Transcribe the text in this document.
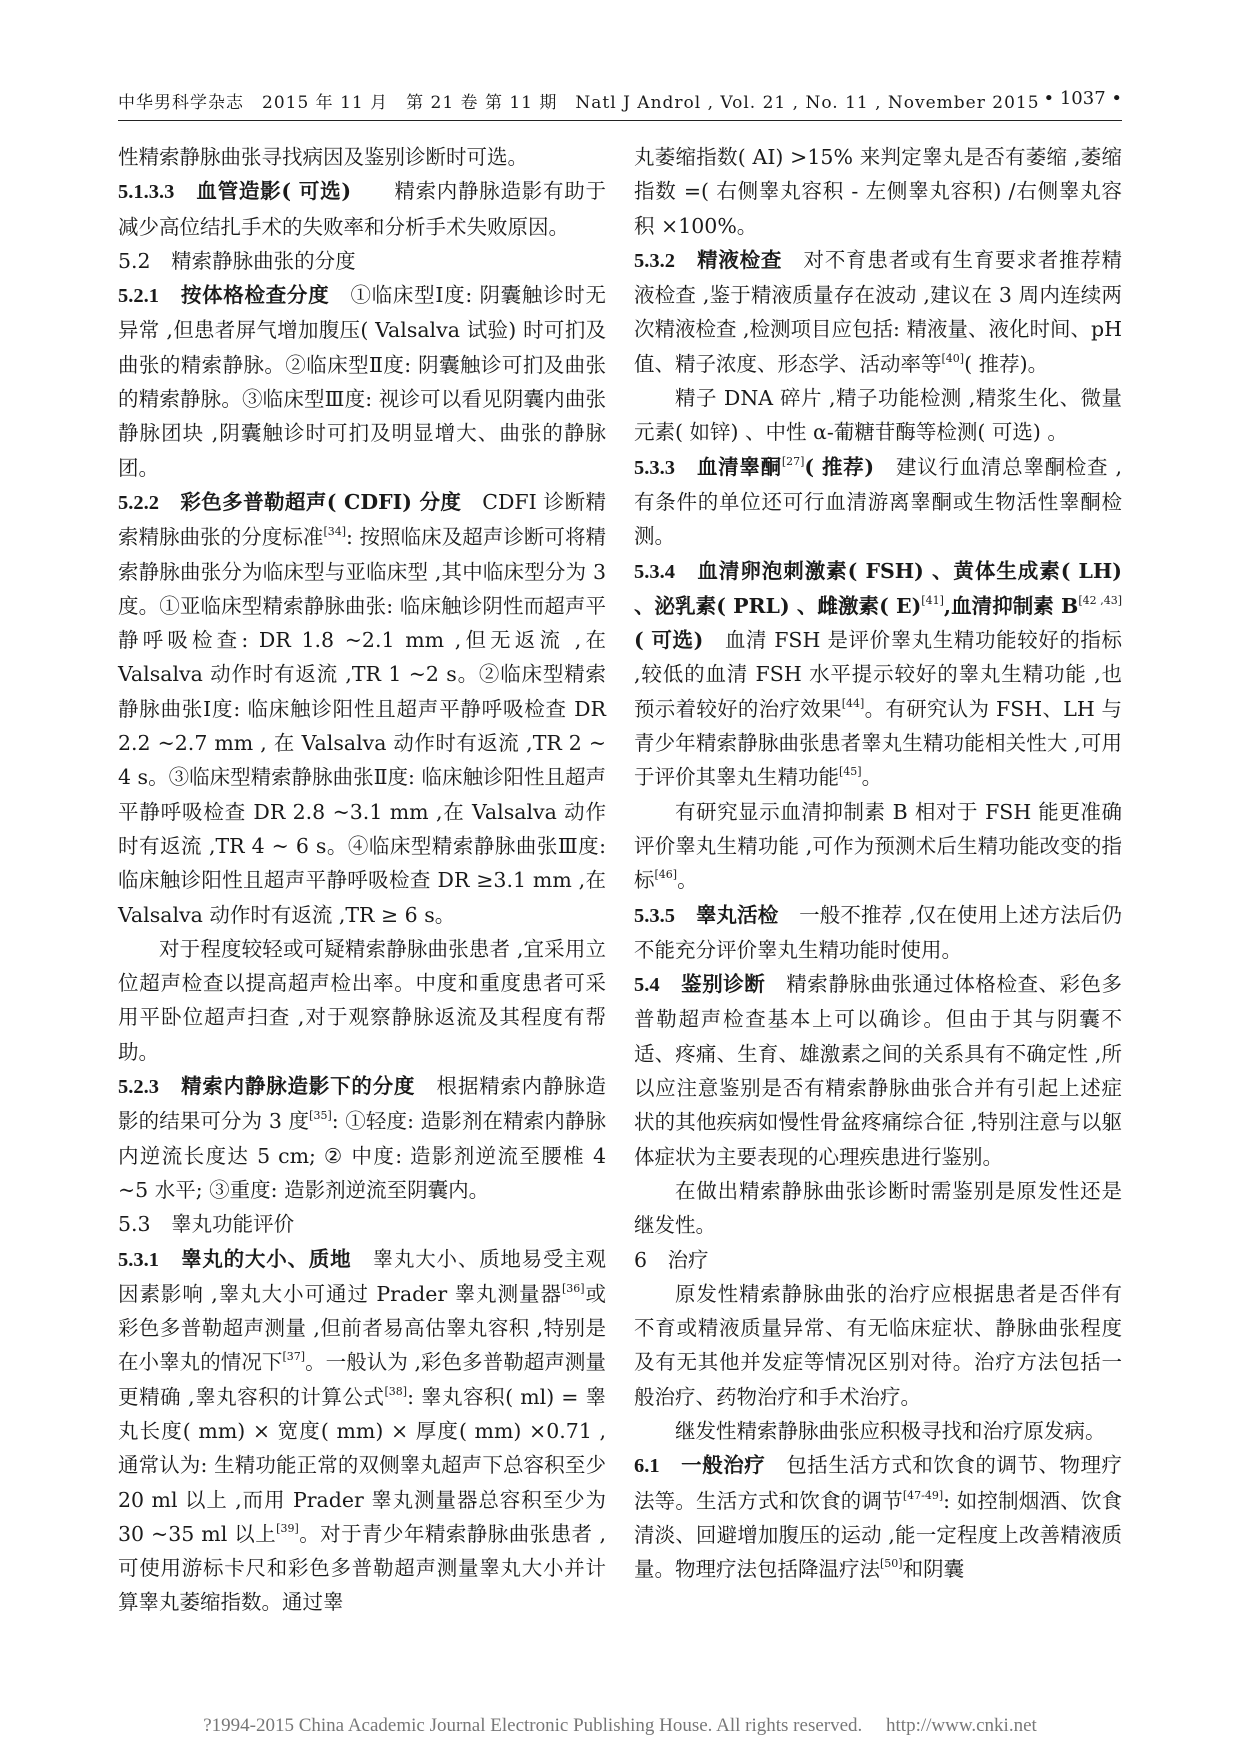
中华男科学杂志　2015 年 11 月　第 21 卷 第 11 期　Natl J Androl , Vol. 21 , No. 11 , November 2015 • 1037 •

性精索静脉曲张寻找病因及鉴别诊断时可选。

5.1.3.3　 血管造影( 可选)　　 精索内静脉造影有助于减少高位结扎手术的失败率和分析手术失败原因。

5.2　精索静脉曲张的分度

5.2.1　 按体格检查分度　 ①临床型Ⅰ度: 阴囊触诊时无异常 ,但患者屏气增加腹压( Valsalva 试验) 时可扪及曲张的精索静脉。②临床型Ⅱ度: 阴囊触诊可扪及曲张的精索静脉。③临床型Ⅲ度: 视诊可以看见阴囊内曲张静脉团块 ,阴囊触诊时可扪及明显增大、曲张的静脉团。

5.2.2　 彩色多普勒超声( CDFI) 分度　 CDFI 诊断精索精脉曲张的分度标准[34]: 按照临床及超声诊断可将精索静脉曲张分为临床型与亚临床型 ,其中临床型分为 3 度。①亚临床型精索静脉曲张: 临床触诊阴性而超声平静呼吸检查: DR 1.8 ~2.1 mm ,但无返流 ,在 Valsalva 动作时有返流 ,TR 1 ~2 s。②临床型精索静脉曲张Ⅰ度: 临床触诊阳性且超声平静呼吸检查 DR 2.2 ~2.7 mm , 在 Valsalva 动作时有返流 ,TR 2 ~ 4 s。③临床型精索静脉曲张Ⅱ度: 临床触诊阳性且超声平静呼吸检查 DR 2.8 ~3.1 mm ,在 Valsalva 动作时有返流 ,TR 4 ~ 6 s。④临床型精索静脉曲张Ⅲ度: 临床触诊阳性且超声平静呼吸检查 DR ≥3.1 mm ,在 Valsalva 动作时有返流 ,TR ≥ 6 s。

对于程度较轻或可疑精索静脉曲张患者 ,宜采用立位超声检查以提高超声检出率。中度和重度患者可采用平卧位超声扫查 ,对于观察静脉返流及其程度有帮助。

5.2.3　 精索内静脉造影下的分度　 根据精索内静脉造影的结果可分为 3 度[35]: ①轻度: 造影剂在精索内静脉内逆流长度达 5 cm; ② 中度: 造影剂逆流至腰椎 4 ~5 水平; ③重度: 造影剂逆流至阴囊内。

5.3　睾丸功能评价

5.3.1　 睾丸的大小、质地　 睾丸大小、质地易受主观因素影响 ,睾丸大小可通过 Prader 睾丸测量器[36]或彩色多普勒超声测量 ,但前者易高估睾丸容积 ,特别是在小睾丸的情况下[37]。一般认为 ,彩色多普勒超声测量更精确 ,睾丸容积的计算公式[38]: 睾丸容积( ml) = 睾丸长度( mm) × 宽度( mm) × 厚度( mm) ×0.71 ,通常认为: 生精功能正常的双侧睾丸超声下总容积至少 20 ml 以上 ,而用 Prader 睾丸测量器总容积至少为 30 ~35 ml 以上[39]。对于青少年精索静脉曲张患者 ,可使用游标卡尺和彩色多普勒超声测量睾丸大小并计算睾丸萎缩指数。通过睾

丸萎缩指数( AI) >15% 来判定睾丸是否有萎缩 ,萎缩指数 =( 右侧睾丸容积 - 左侧睾丸容积) /右侧睾丸容积 ×100%。

5.3.2　 精液检查　 对不育患者或有生育要求者推荐精液检查 ,鉴于精液质量存在波动 ,建议在 3 周内连续两次精液检查 ,检测项目应包括: 精液量、液化时间、pH 值、精子浓度、形态学、活动率等[40]( 推荐)。

精子 DNA 碎片 ,精子功能检测 ,精浆生化、微量元素( 如锌) 、中性 α-葡糖苷酶等检测( 可选) 。

5.3.3　 血清睾酮[27]( 推荐)　 建议行血清总睾酮检查 ,有条件的单位还可行血清游离睾酮或生物活性睾酮检测。

5.3.4　 血清卵泡刺激素( FSH) 、黄体生成素( LH) 、泌乳素( PRL) 、雌激素( E)[41],血清抑制素 B[42 ,43]( 可选)　 血清 FSH 是评价睾丸生精功能较好的指标 ,较低的血清 FSH 水平提示较好的睾丸生精功能 ,也预示着较好的治疗效果[44]。有研究认为 FSH、LH 与青少年精索静脉曲张患者睾丸生精功能相关性大 ,可用于评价其睾丸生精功能[45]。

有研究显示血清抑制素 B 相对于 FSH 能更准确评价睾丸生精功能 ,可作为预测术后生精功能改变的指标[46]。

5.3.5　 睾丸活检　 一般不推荐 ,仅在使用上述方法后仍不能充分评价睾丸生精功能时使用。

5.4　 鉴别诊断　 精索静脉曲张通过体格检查、彩色多普勒超声检查基本上可以确诊。但由于其与阴囊不适、疼痛、生育、雄激素之间的关系具有不确定性 ,所以应注意鉴别是否有精索静脉曲张合并有引起上述症状的其他疾病如慢性骨盆疼痛综合征 ,特别注意与以躯体症状为主要表现的心理疾患进行鉴别。

在做出精索静脉曲张诊断时需鉴别是原发性还是继发性。

6　治疗

原发性精索静脉曲张的治疗应根据患者是否伴有不育或精液质量异常、有无临床症状、静脉曲张程度及有无其他并发症等情况区别对待。治疗方法包括一般治疗、药物治疗和手术治疗。

继发性精索静脉曲张应积极寻找和治疗原发病。

6.1　 一般治疗　 包括生活方式和饮食的调节、物理疗法等。生活方式和饮食的调节[47-49]: 如控制烟酒、饮食清淡、回避增加腹压的运动 ,能一定程度上改善精液质量。物理疗法包括降温疗法[50]和阴囊

?1994-2015 China Academic Journal Electronic Publishing House. All rights reserved.　 http://www.cnki.net
